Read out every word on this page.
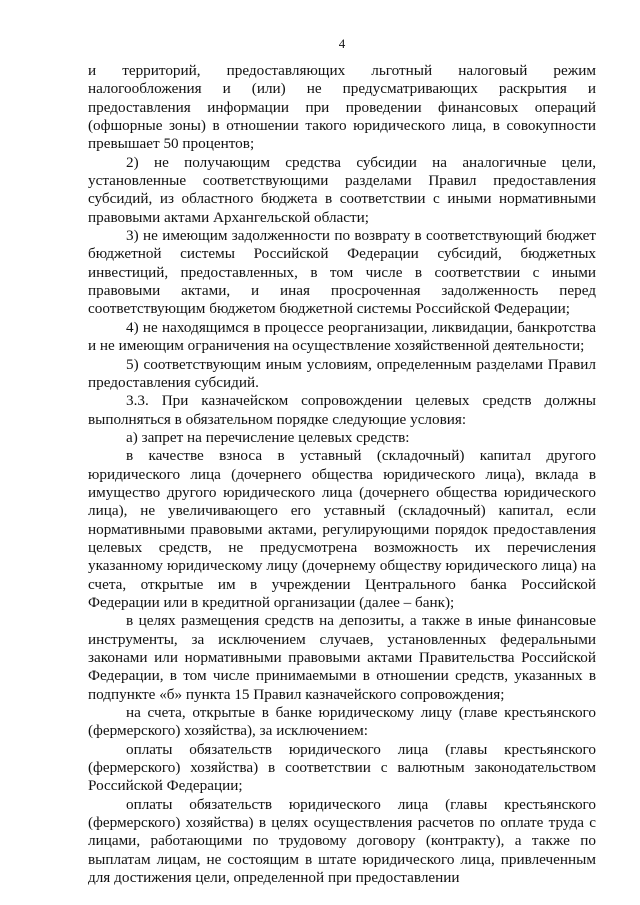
4

и территорий, предоставляющих льготный налоговый режим налогообложения и (или) не предусматривающих раскрытия и предоставления информации при проведении финансовых операций (офшорные зоны) в отношении такого юридического лица, в совокупности превышает 50 процентов;

2) не получающим средства субсидии на аналогичные цели, установленные соответствующими разделами Правил предоставления субсидий, из областного бюджета в соответствии с иными нормативными правовыми актами Архангельской области;

3) не имеющим задолженности по возврату в соответствующий бюджет бюджетной системы Российской Федерации субсидий, бюджетных инвестиций, предоставленных, в том числе в соответствии с иными правовыми актами, и иная просроченная задолженность перед соответствующим бюджетом бюджетной системы Российской Федерации;

4) не находящимся в процессе реорганизации, ликвидации, банкротства и не имеющим ограничения на осуществление хозяйственной деятельности;

5) соответствующим иным условиям, определенным разделами Правил предоставления субсидий.

3.3. При казначейском сопровождении целевых средств должны выполняться в обязательном порядке следующие условия:

а) запрет на перечисление целевых средств:

в качестве взноса в уставный (складочный) капитал другого юридического лица (дочернего общества юридического лица), вклада в имущество другого юридического лица (дочернего общества юридического лица), не увеличивающего его уставный (складочный) капитал, если нормативными правовыми актами, регулирующими порядок предоставления целевых средств, не предусмотрена возможность их перечисления указанному юридическому лицу (дочернему обществу юридического лица) на счета, открытые им в учреждении Центрального банка Российской Федерации или в кредитной организации (далее – банк);

в целях размещения средств на депозиты, а также в иные финансовые инструменты, за исключением случаев, установленных федеральными законами или нормативными правовыми актами Правительства Российской Федерации, в том числе принимаемыми в отношении средств, указанных в подпункте «б» пункта 15 Правил казначейского сопровождения;

на счета, открытые в банке юридическому лицу (главе крестьянского (фермерского) хозяйства), за исключением:

оплаты обязательств юридического лица (главы крестьянского (фермерского) хозяйства) в соответствии с валютным законодательством Российской Федерации;

оплаты обязательств юридического лица (главы крестьянского (фермерского) хозяйства) в целях осуществления расчетов по оплате труда с лицами, работающими по трудовому договору (контракту), а также по выплатам лицам, не состоящим в штате юридического лица, привлеченным для достижения цели, определенной при предоставлении
